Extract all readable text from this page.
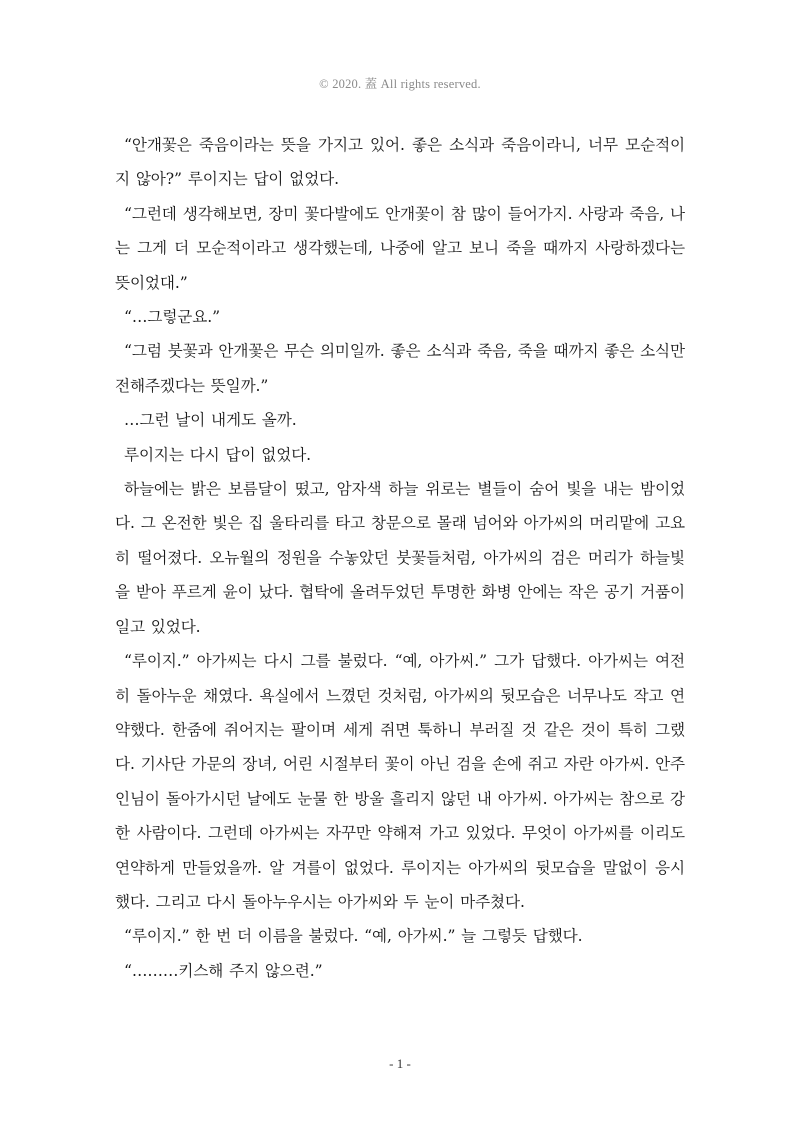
© 2020. 蓋 All rights reserved.

“안개꽃은 죽음이라는 뜻을 가지고 있어. 좋은 소식과 죽음이라니, 너무 모순적이지 않아?” 루이지는 답이 없었다.

“그런데 생각해보면, 장미 꽃다발에도 안개꽃이 참 많이 들어가지. 사랑과 죽음, 나는 그게 더 모순적이라고 생각했는데, 나중에 알고 보니 죽을 때까지 사랑하겠다는 뜻이었대.”

“…그렇군요.”

“그럼 붓꽃과 안개꽃은 무슨 의미일까. 좋은 소식과 죽음, 죽을 때까지 좋은 소식만 전해주겠다는 뜻일까.”

…그런 날이 내게도 올까.

루이지는 다시 답이 없었다.

하늘에는 밝은 보름달이 떴고, 암자색 하늘 위로는 별들이 숨어 빛을 내는 밤이었다. 그 온전한 빛은 집 울타리를 타고 창문으로 몰래 넘어와 아가씨의 머리맡에 고요히 떨어졌다. 오뉴월의 정원을 수놓았던 붓꽃들처럼, 아가씨의 검은 머리가 하늘빛을 받아 푸르게 윤이 났다. 협탁에 올려두었던 투명한 화병 안에는 작은 공기 거품이 일고 있었다.

“루이지.” 아가씨는 다시 그를 불렀다. “예, 아가씨.” 그가 답했다. 아가씨는 여전히 돌아누운 채였다. 욕실에서 느꼈던 것처럼, 아가씨의 뒷모습은 너무나도 작고 연약했다. 한줌에 쥐어지는 팔이며 세게 쥐면 툭하니 부러질 것 같은 것이 특히 그랬다. 기사단 가문의 장녀, 어린 시절부터 꽃이 아닌 검을 손에 쥐고 자란 아가씨. 안주인님이 돌아가시던 날에도 눈물 한 방울 흘리지 않던 내 아가씨. 아가씨는 참으로 강한 사람이다. 그런데 아가씨는 자꾸만 약해져 가고 있었다. 무엇이 아가씨를 이리도 연약하게 만들었을까. 알 겨를이 없었다. 루이지는 아가씨의 뒷모습을 말없이 응시했다. 그리고 다시 돌아누우시는 아가씨와 두 눈이 마주쳤다.

“루이지.” 한 번 더 이름을 불렀다. “예, 아가씨.” 늘 그렇듯 답했다.

“………키스해 주지 않으련.”

- 1 -
